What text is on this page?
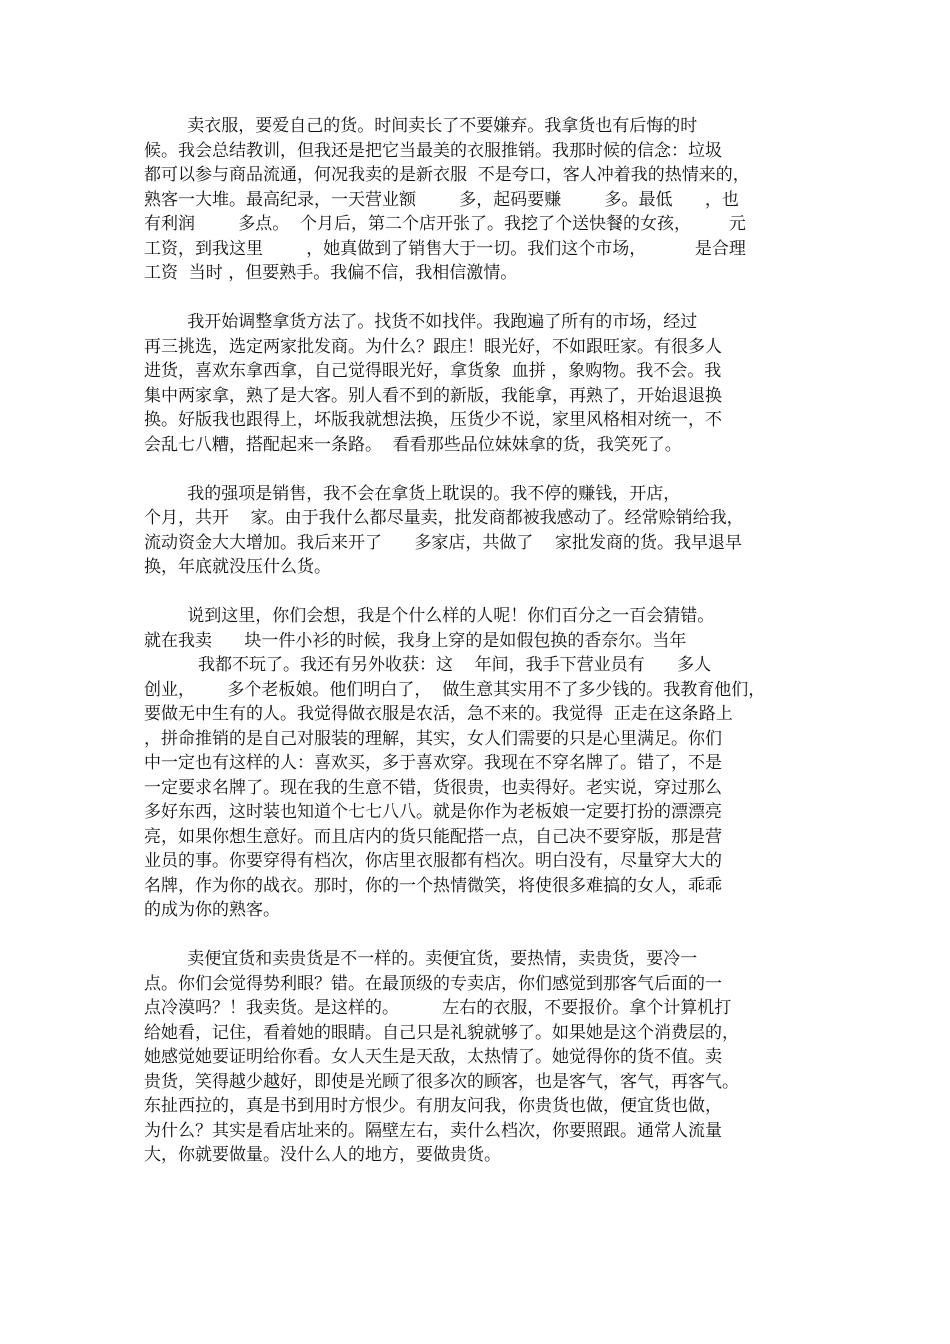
卖衣服，要爱自己的货。时间卖长了不要嫌弃。我拿货也有后悔的时
候。我会总结教训，但我还是把它当最美的衣服推销。我那时候的信念：垃圾
都可以参与商品流通，何况我卖的是新衣服  不是夸口，客人冲着我的热情来的，
熟客一大堆。最高纪录，一天营业额        多，起码要赚        多。最低      ，也
有利润        多点。  个月后，第二个店开张了。我挖了个送快餐的女孩，       元
工资，到我这里        ，她真做到了销售大于一切。我们这个市场，         是合理
工资  当时 ，但要熟手。我偏不信，我相信激情。
我开始调整拿货方法了。找货不如找伴。我跑遍了所有的市场，经过
再三挑选，选定两家批发商。为什么？跟庄！眼光好，不如跟旺家。有很多人
进货，喜欢东拿西拿，自己觉得眼光好，拿货象  血拼 ，象购物。我不会。我
集中两家拿，熟了是大客。别人看不到的新版，我能拿，再熟了，开始退退换
换。好版我也跟得上，坏版我就想法换，压货少不说，家里风格相对统一，不
会乱七八糟，搭配起来一条路。  看看那些品位妹妹拿的货，我笑死了。
我的强项是销售，我不会在拿货上耽误的。我不停的赚钱，开店，
个月，共开    家。由于我什么都尽量卖，批发商都被我感动了。经常赊销给我，
流动资金大大增加。我后来开了      多家店，共做了    家批发商的货。我早退早
换，年底就没压什么货。
说到这里，你们会想，我是个什么样的人呢！你们百分之一百会猜错。
就在我卖      块一件小衫的时候，我身上穿的是如假包换的香奈尔。当年
我都不玩了。我还有另外收获：这    年间，我手下营业员有      多人
创业，      多个老板娘。他们明白了，  做生意其实用不了多少钱的。我教育他们，
要做无中生有的人。我觉得做衣服是农活，急不来的。我觉得  正走在这条路上
，拼命推销的是自己对服装的理解，其实，女人们需要的只是心里满足。你们
中一定也有这样的人：喜欢买，多于喜欢穿。我现在不穿名牌了。错了，不是
一定要求名牌了。现在我的生意不错，货很贵，也卖得好。老实说，穿过那么
多好东西，这时装也知道个七七八八。就是你作为老板娘一定要打扮的漂漂亮
亮，如果你想生意好。而且店内的货只能配搭一点，自己决不要穿版，那是营
业员的事。你要穿得有档次，你店里衣服都有档次。明白没有，尽量穿大大的
名牌，作为你的战衣。那时，你的一个热情微笑，将使很多难搞的女人，乖乖
的成为你的熟客。
卖便宜货和卖贵货是不一样的。卖便宜货，要热情，卖贵货，要冷一
点。你们会觉得势利眼？错。在最顶级的专卖店，你们感觉到那客气后面的一
点冷漠吗？！我卖货。是这样的。        左右的衣服，不要报价。拿个计算机打
给她看，记住，看着她的眼睛。自己只是礼貌就够了。如果她是这个消费层的，
她感觉她要证明给你看。女人天生是天敌，太热情了。她觉得你的货不值。卖
贵货，笑得越少越好，即使是光顾了很多次的顾客，也是客气，客气，再客气。
东扯西拉的，真是书到用时方恨少。有朋友问我，你贵货也做，便宜货也做，
为什么？其实是看店址来的。隔壁左右，卖什么档次，你要照跟。通常人流量
大，你就要做量。没什么人的地方，要做贵货。
